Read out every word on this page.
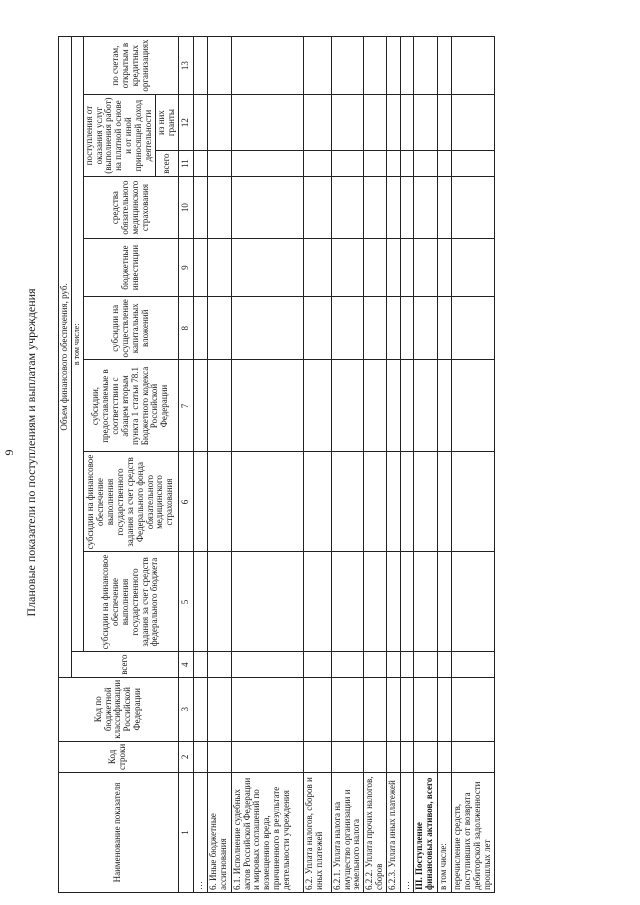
9 Плановые показатели по поступлениям и выплатам учреждения
Наименование показателя	Код строки	Код по бюджетной классификации Российской Федерации	Объем финансового обеспечения, руб.									
			всего	в том числе:								
				субсидии на финансовое обеспечение выполнения государственного задания за счет средств федерального бюджета	субсидии на финансовое обеспечение выполнения государственного задания за счет средств Федерального фонда обязательного медицинского страхования	субсидии, предоставляемые в соответствии с абзацем вторым пункта 1 статьи 78.1 Бюджетного кодекса Российской Федерации	субсидии на осуществление капитальных вложений	бюджетные инвестиции	средства обязательного медицинского страхования	поступления от оказания услуг (выполнения работ) на платной основе и от иной приносящей доход деятельности		по счетам, открытым в кредитных организациях
										всего	из них гранты	
1	2	3	4	5	6	7	8	9	10	11	12	13
…												
6. Иные бюджетные ассигнования												
6.1. Исполнение судебных актов Российской Федерации и мировых соглашений по возмещению вреда, причиненного в результате деятельности учреждения												
6.2. Уплата налогов, сборов и иных платежей												
6.2.1. Уплата налога на имущество организации и земельного налога												
6.2.2. Уплата прочих налогов, сборов												
6.2.3. Уплата иных платежей												
…												
III. Поступление финансовых активов, всего												
в том числе:												
перечисление средств, поступивших от возврата дебиторской задолженности прошлых лет												
